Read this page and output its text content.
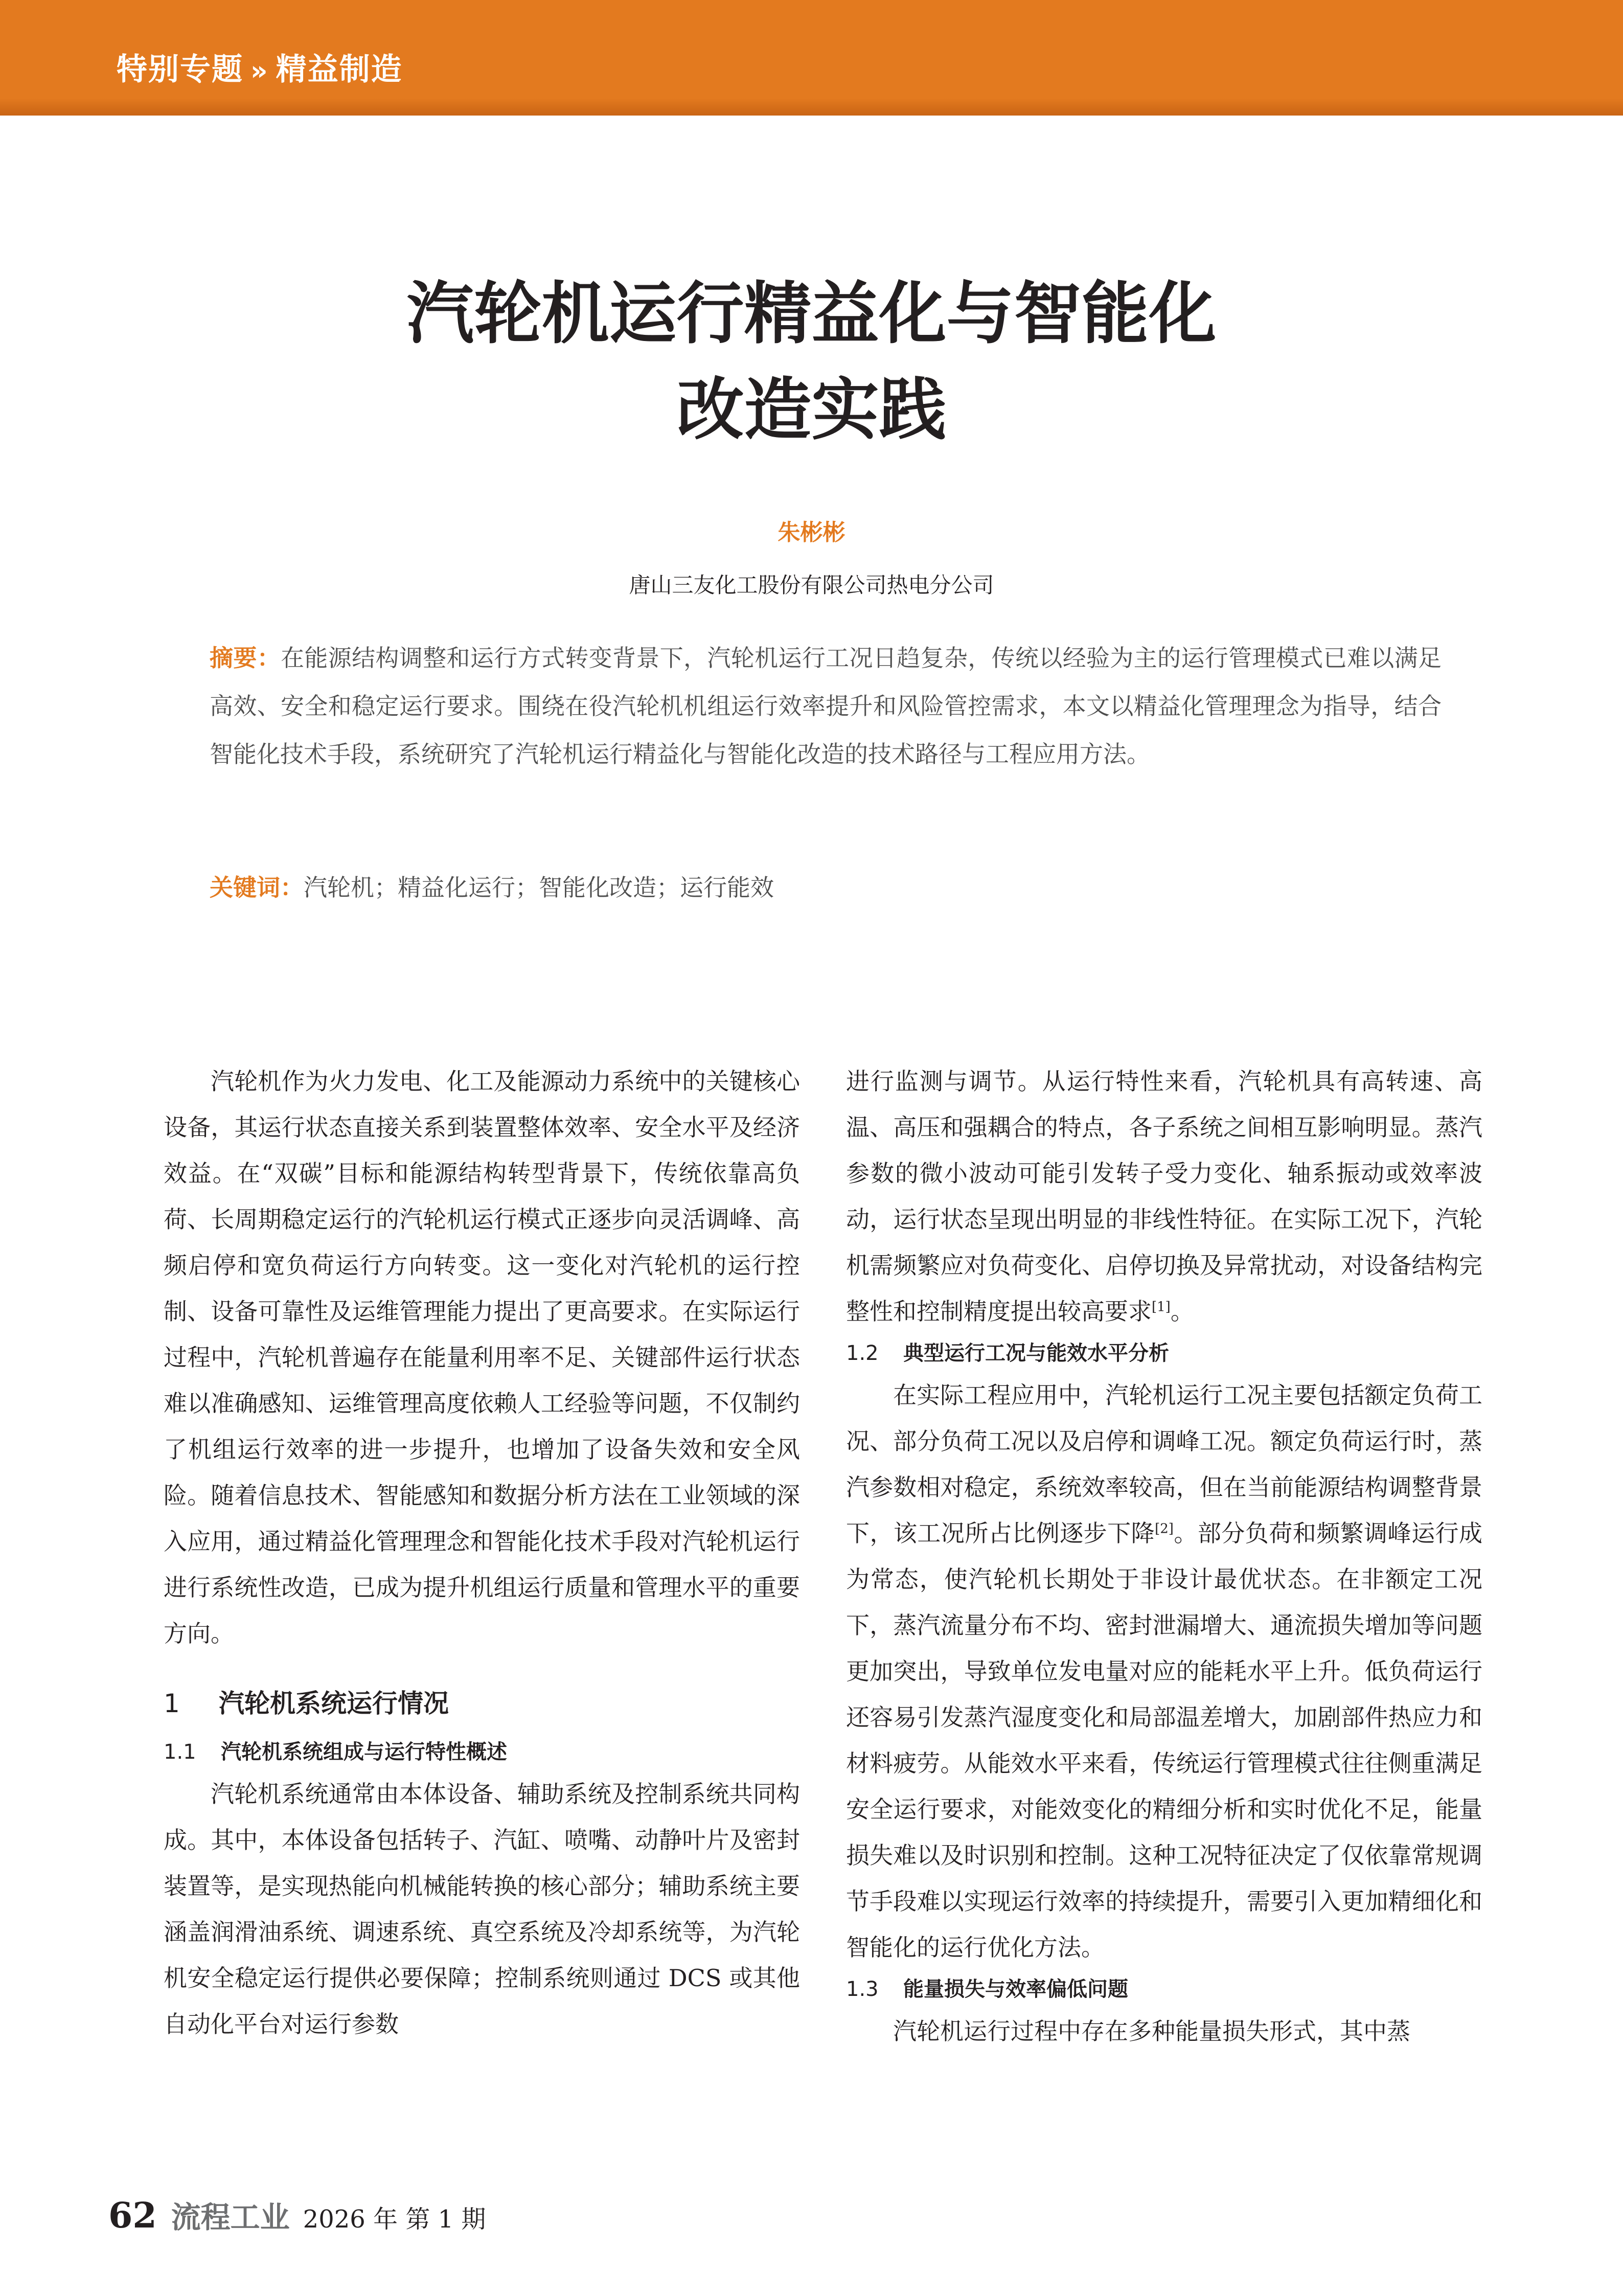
特别专题 » 精益制造
汽轮机运行精益化与智能化
改造实践
朱彬彬
唐山三友化工股份有限公司热电分公司
摘要：在能源结构调整和运行方式转变背景下，汽轮机运行工况日趋复杂，传统以经验为主的运行管理模式已难以满足高效、安全和稳定运行要求。围绕在役汽轮机机组运行效率提升和风险管控需求，本文以精益化管理理念为指导，结合智能化技术手段，系统研究了汽轮机运行精益化与智能化改造的技术路径与工程应用方法。
关键词：汽轮机；精益化运行；智能化改造；运行能效

汽轮机作为火力发电、化工及能源动力系统中的关键核心设备，其运行状态直接关系到装置整体效率、安全水平及经济效益。在“双碳”目标和能源结构转型背景下，传统依靠高负荷、长周期稳定运行的汽轮机运行模式正逐步向灵活调峰、高频启停和宽负荷运行方向转变。这一变化对汽轮机的运行控制、设备可靠性及运维管理能力提出了更高要求。在实际运行过程中，汽轮机普遍存在能量利用率不足、关键部件运行状态难以准确感知、运维管理高度依赖人工经验等问题，不仅制约了机组运行效率的进一步提升，也增加了设备失效和安全风险。随着信息技术、智能感知和数据分析方法在工业领域的深入应用，通过精益化管理理念和智能化技术手段对汽轮机运行进行系统性改造，已成为提升机组运行质量和管理水平的重要方向。

1 汽轮机系统运行情况
1.1 汽轮机系统组成与运行特性概述

汽轮机系统通常由本体设备、辅助系统及控制系统共同构成。其中，本体设备包括转子、汽缸、喷嘴、动静叶片及密封装置等，是实现热能向机械能转换的核心部分；辅助系统主要涵盖润滑油系统、调速系统、真空系统及冷却系统等，为汽轮机安全稳定运行提供必要保障；控制系统则通过 DCS 或其他自动化平台对运行参数

进行监测与调节。从运行特性来看，汽轮机具有高转速、高温、高压和强耦合的特点，各子系统之间相互影响明显。蒸汽参数的微小波动可能引发转子受力变化、轴系振动或效率波动，运行状态呈现出明显的非线性特征。在实际工况下，汽轮机需频繁应对负荷变化、启停切换及异常扰动，对设备结构完整性和控制精度提出较高要求[1]。

1.2 典型运行工况与能效水平分析

在实际工程应用中，汽轮机运行工况主要包括额定负荷工况、部分负荷工况以及启停和调峰工况。额定负荷运行时，蒸汽参数相对稳定，系统效率较高，但在当前能源结构调整背景下，该工况所占比例逐步下降[2]。部分负荷和频繁调峰运行成为常态，使汽轮机长期处于非设计最优状态。在非额定工况下，蒸汽流量分布不均、密封泄漏增大、通流损失增加等问题更加突出，导致单位发电量对应的能耗水平上升。低负荷运行还容易引发蒸汽湿度变化和局部温差增大，加剧部件热应力和材料疲劳。从能效水平来看，传统运行管理模式往往侧重满足安全运行要求，对能效变化的精细分析和实时优化不足，能量损失难以及时识别和控制。这种工况特征决定了仅依靠常规调节手段难以实现运行效率的持续提升，需要引入更加精细化和智能化的运行优化方法。

1.3 能量损失与效率偏低问题

汽轮机运行过程中存在多种能量损失形式，其中蒸

62 流程工业 2026 年 第 1 期
